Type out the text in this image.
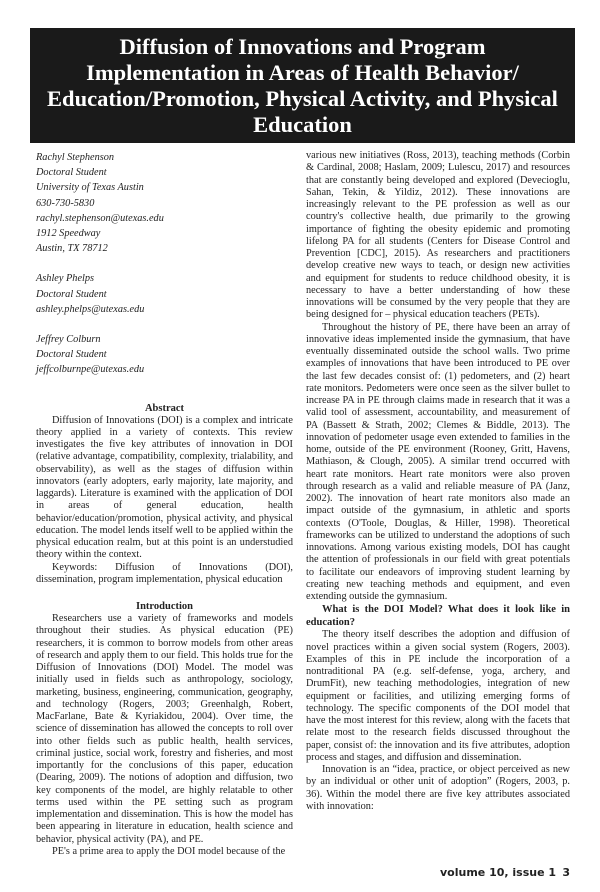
Diffusion of Innovations and Program Implementation in Areas of Health Behavior/ Education/Promotion, Physical Activity, and Physical Education
Rachyl Stephenson
Doctoral Student
University of Texas Austin
630-730-5830
rachyl.stephenson@utexas.edu
1912 Speedway
Austin, TX 78712
Ashley Phelps
Doctoral Student
ashley.phelps@utexas.edu
Jeffrey Colburn
Doctoral Student
jeffcolburnpe@utexas.edu
Abstract

Diffusion of Innovations (DOI) is a complex and intricate theory applied in a variety of contexts. This review investigates the five key attributes of innovation in DOI (relative advantage, compatibility, complexity, trialability, and observability), as well as the stages of diffusion within innovators (early adopters, early majority, late majority, and laggards). Literature is examined with the application of DOI in areas of general education, health behavior/education/promotion, physical activity, and physical education. The model lends itself well to be applied within the physical education realm, but at this point is an understudied theory within the context.

Keywords: Diffusion of Innovations (DOI), dissemination, program implementation, physical education

Introduction

Researchers use a variety of frameworks and models throughout their studies. As physical education (PE) researchers, it is common to borrow models from other areas of research and apply them to our field. This holds true for the Diffusion of Innovations (DOI) Model. The model was initially used in fields such as anthropology, sociology, marketing, business, engineering, communication, geography, and technology (Rogers, 2003; Greenhalgh, Robert, MacFarlane, Bate & Kyriakidou, 2004). Over time, the science of dissemination has allowed the concepts to roll over into other fields such as public health, health services, criminal justice, social work, forestry and fisheries, and most importantly for the conclusions of this paper, education (Dearing, 2009). The notions of adoption and diffusion, two key components of the model, are highly relatable to other terms used within the PE setting such as program implementation and dissemination. This is how the model has been appearing in literature in education, health science and behavior, physical activity (PA), and PE.

PE's a prime area to apply the DOI model because of the

various new initiatives (Ross, 2013), teaching methods (Corbin & Cardinal, 2008; Haslam, 2009; Lulescu, 2017) and resources that are constantly being developed and explored (Devecioglu, Sahan, Tekin, & Yildiz, 2012). These innovations are increasingly relevant to the PE profession as well as our country's collective health, due primarily to the growing importance of fighting the obesity epidemic and promoting lifelong PA for all students (Centers for Disease Control and Prevention [CDC], 2015). As researchers and practitioners develop creative new ways to teach, or design new activities and equipment for students to reduce childhood obesity, it is necessary to have a better understanding of how these innovations will be consumed by the very people that they are being designed for – physical education teachers (PETs).

Throughout the history of PE, there have been an array of innovative ideas implemented inside the gymnasium, that have eventually disseminated outside the school walls. Two prime examples of innovations that have been introduced to PE over the last few decades consist of: (1) pedometers, and (2) heart rate monitors. Pedometers were once seen as the silver bullet to increase PA in PE through claims made in research that it was a valid tool of assessment, accountability, and measurement of PA (Bassett & Strath, 2002; Clemes & Biddle, 2013). The innovation of pedometer usage even extended to families in the home, outside of the PE environment (Rooney, Gritt, Havens, Mathiason, & Clough, 2005). A similar trend occurred with heart rate monitors. Heart rate monitors were also proven through research as a valid and reliable measure of PA (Janz, 2002). The innovation of heart rate monitors also made an impact outside of the gymnasium, in athletic and sports contexts (O'Toole, Douglas, & Hiller, 1998). Theoretical frameworks can be utilized to understand the adoptions of such innovations. Among various existing models, DOI has caught the attention of professionals in our field with great potentials to facilitate our endeavors of improving student learning by creating new teaching methods and equipment, and even extending outside the gymnasium.

What is the DOI Model? What does it look like in education?

The theory itself describes the adoption and diffusion of novel practices within a given social system (Rogers, 2003). Examples of this in PE include the incorporation of a nontraditional PA (e.g. self-defense, yoga, archery, and DrumFit), new teaching methodologies, integration of new equipment or facilities, and utilizing emerging forms of technology. The specific components of the DOI model that have the most interest for this review, along with the facets that relate most to the research fields discussed throughout the paper, consist of: the innovation and its five attributes, adoption process and stages, and diffusion and dissemination.

Innovation is an “idea, practice, or object perceived as new by an individual or other unit of adoption” (Rogers, 2003, p. 36). Within the model there are five key attributes associated with innovation:

volume 10, issue 1 3
